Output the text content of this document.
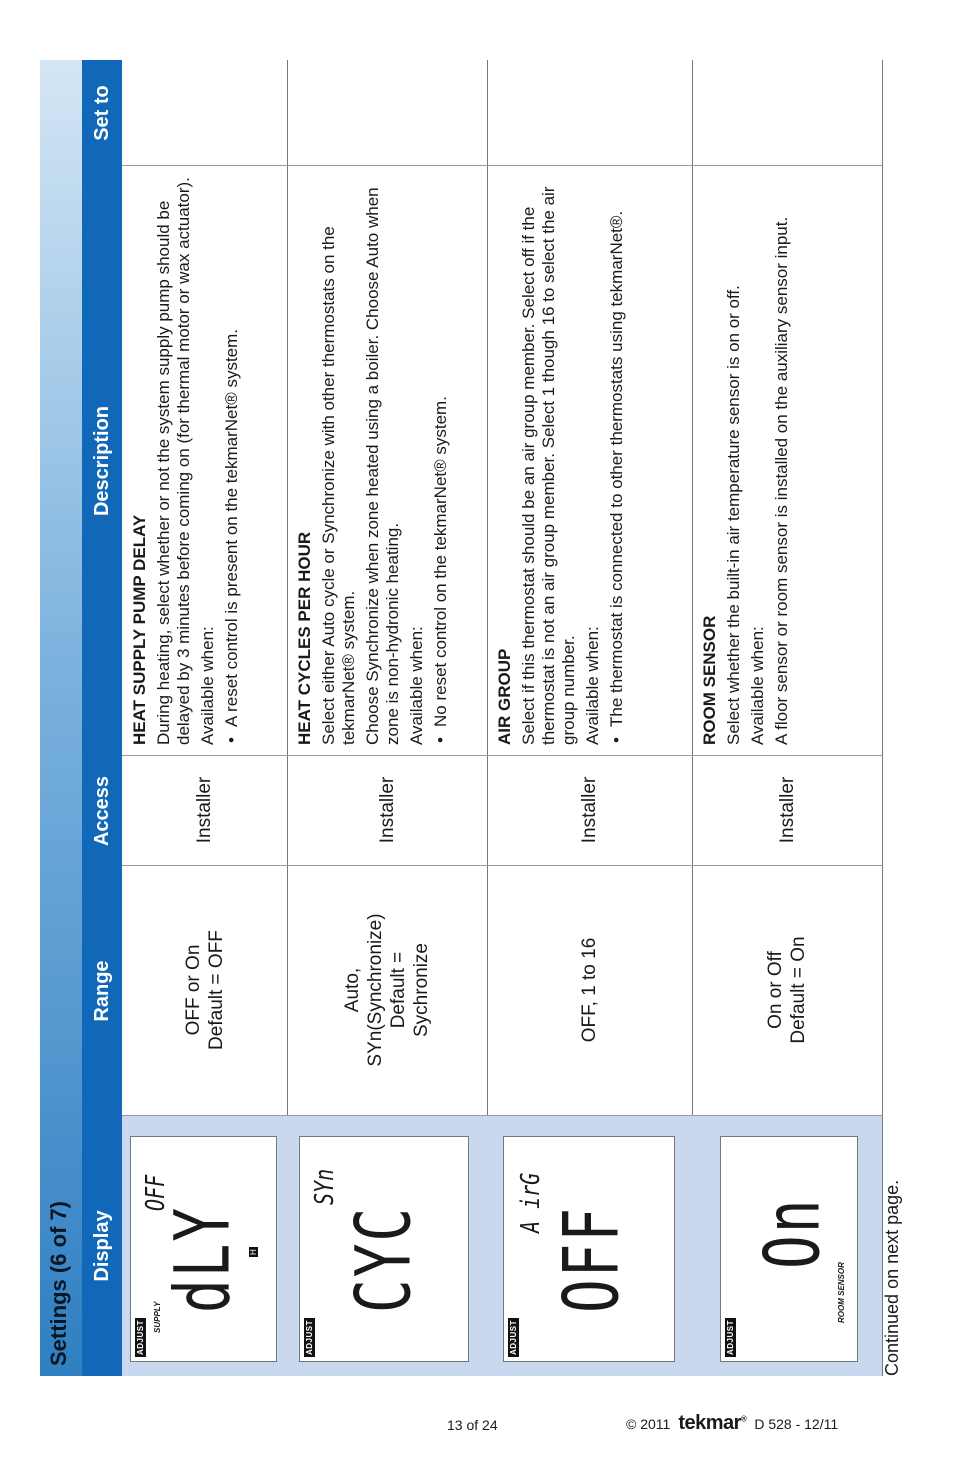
Settings (6 of 7)	Display
Range
Access
Description
Set to
ADJUST
SUPPLY
dLY
OFF
H
OFF or On Default = OFF
Installer
HEAT SUPPLY PUMP DELAY During heating, select whether or not the system supply pump should be delayed by 3 minutes before coming on (for thermal motor or wax actuator). Available when: • A reset control is present on the tekmarNet® system.
ADJUST
CYC
SYn
Auto, SYn(Synchronize) Default = Sychronize
Installer
HEAT CYCLES PER HOUR Select either Auto cycle or Synchronize with other thermostats on the tekmarNet® system. Choose Synchronize when zone heated using a boiler. Choose Auto when zone is non-hydronic heating. Available when: • No reset control on the tekmarNet® system.
ADJUST
OFF
A irG
OFF, 1 to 16
Installer
AIR GROUP Select if this thermostat should be an air group member. Select off if the thermostat is not an air group member. Select 1 though 16 to select the air group number. Available when: • The thermostat is connected to other thermostats using tekmarNet®.
ADJUST
ROOM SENSOR
On
On or Off Default = On
Installer
ROOM SENSOR Select whether the built-in air temperature sensor is on or off. Available when: A floor sensor or room sensor is installed on the auxiliary sensor input.
Continued on next page.
13 of 24	© 2011 tekmar® D 528 - 12/11
